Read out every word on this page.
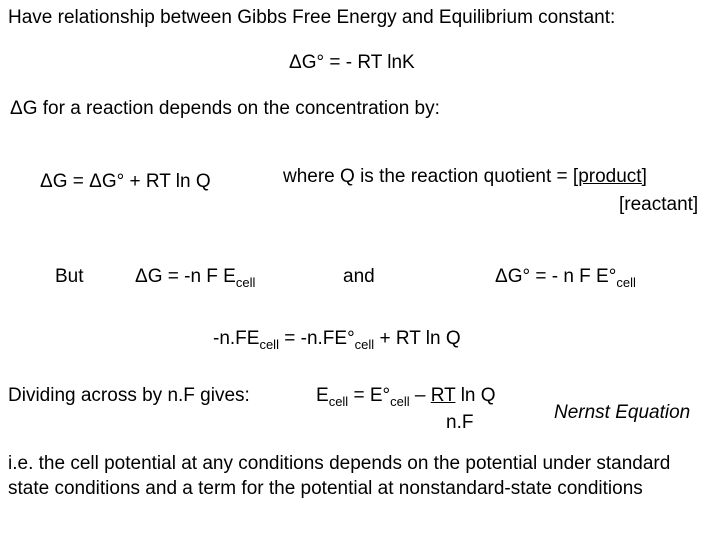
Have relationship between Gibbs Free Energy and Equilibrium constant:
ΔG° = - RT lnK
ΔG for a reaction depends on the concentration by:
ΔG = ΔG° + RT ln Q	where Q is the reaction quotient = [product]
[reactant]
But	ΔG = -n F $E_{cell}$	and	ΔG° = - n F $E^\circ_{cell}$
$-n.FE_{cell} = -n.FE^\circ_{cell}$ + RT ln Q
Dividing across by n.F gives:	$E_{cell} = E^\circ_{cell}$ – RT ln Q
n.F	Nernst Equation
i.e. the cell potential at any conditions depends on the potential under standard state conditions and a term for the potential at nonstandard-state conditions
